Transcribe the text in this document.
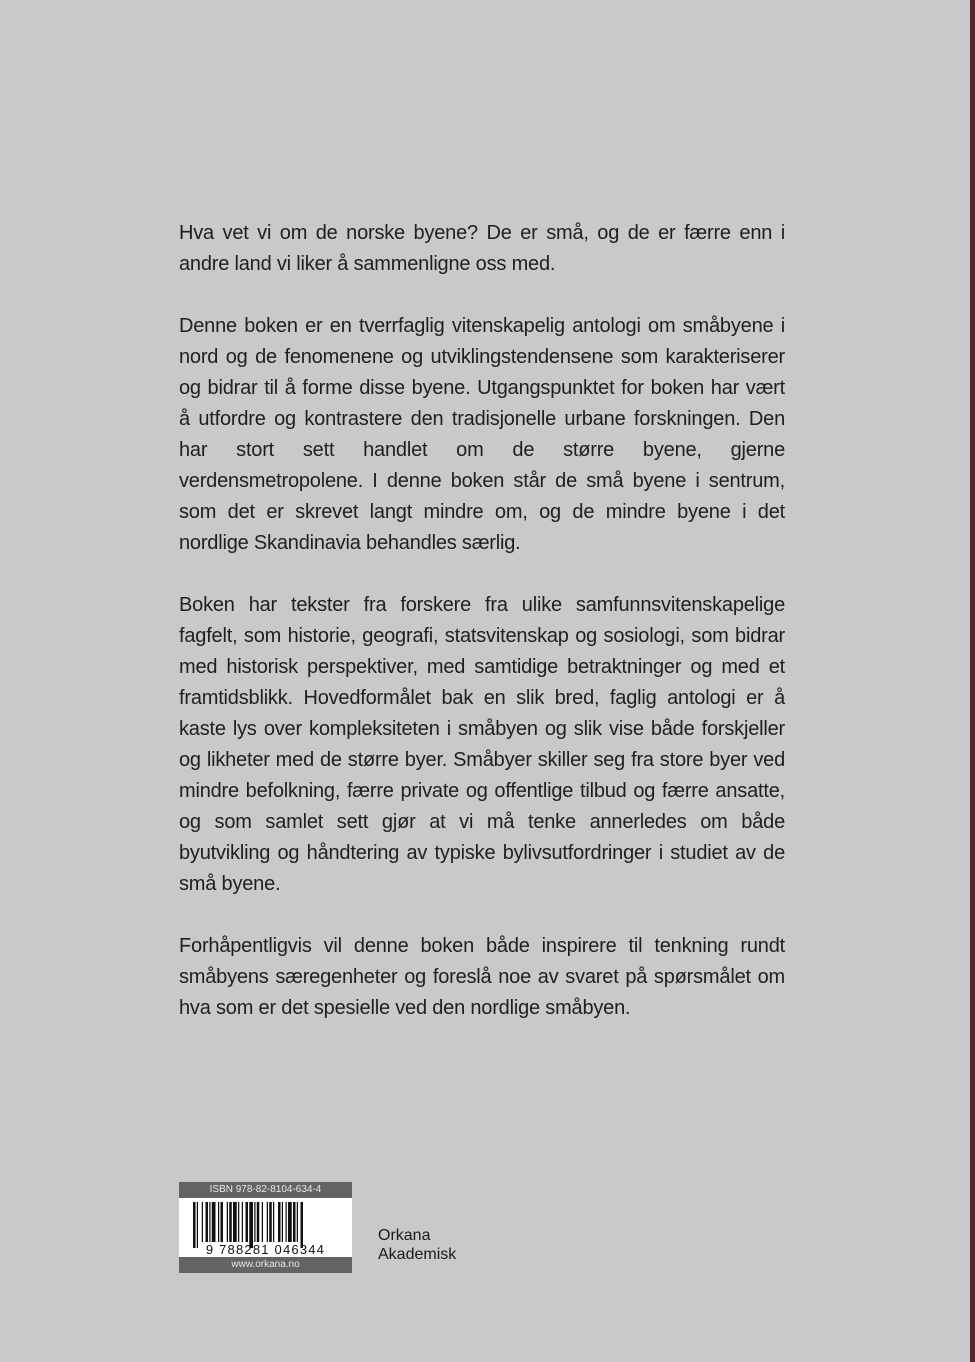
Hva vet vi om de norske byene? De er små, og de er færre enn i andre land vi liker å sammenligne oss med.

Denne boken er en tverrfaglig vitenskapelig antologi om småbyene i nord og de fenomenene og utviklingstendensene som karakteriserer og bidrar til å forme disse byene. Utgangspunktet for boken har vært å utfordre og kontrastere den tradisjonelle urbane forskningen. Den har stort sett handlet om de større byene, gjerne verdensmetropolene. I denne boken står de små byene i sentrum, som det er skrevet langt mindre om, og de mindre byene i det nordlige Skandinavia behandles særlig.

Boken har tekster fra forskere fra ulike samfunnsvitenskapelige fagfelt, som historie, geografi, statsvitenskap og sosiologi, som bidrar med historisk perspektiver, med samtidige betraktninger og med et framtidsblikk. Hovedformålet bak en slik bred, faglig antologi er å kaste lys over kompleksiteten i småbyen og slik vise både forskjeller og likheter med de større byer. Småbyer skiller seg fra store byer ved mindre befolkning, færre private og offentlige tilbud og færre ansatte, og som samlet sett gjør at vi må tenke annerledes om både byutvikling og håndtering av typiske bylivsutfordringer i studiet av de små byene.

Forhåpentligvis vil denne boken både inspirere til tenkning rundt småbyens særegenheter og foreslå noe av svaret på spørsmålet om hva som er det spesielle ved den nordlige småbyen.

ISBN 978-82-8104-634-4
9 788281 046344
www.orkana.no
Orkana
Akademisk
